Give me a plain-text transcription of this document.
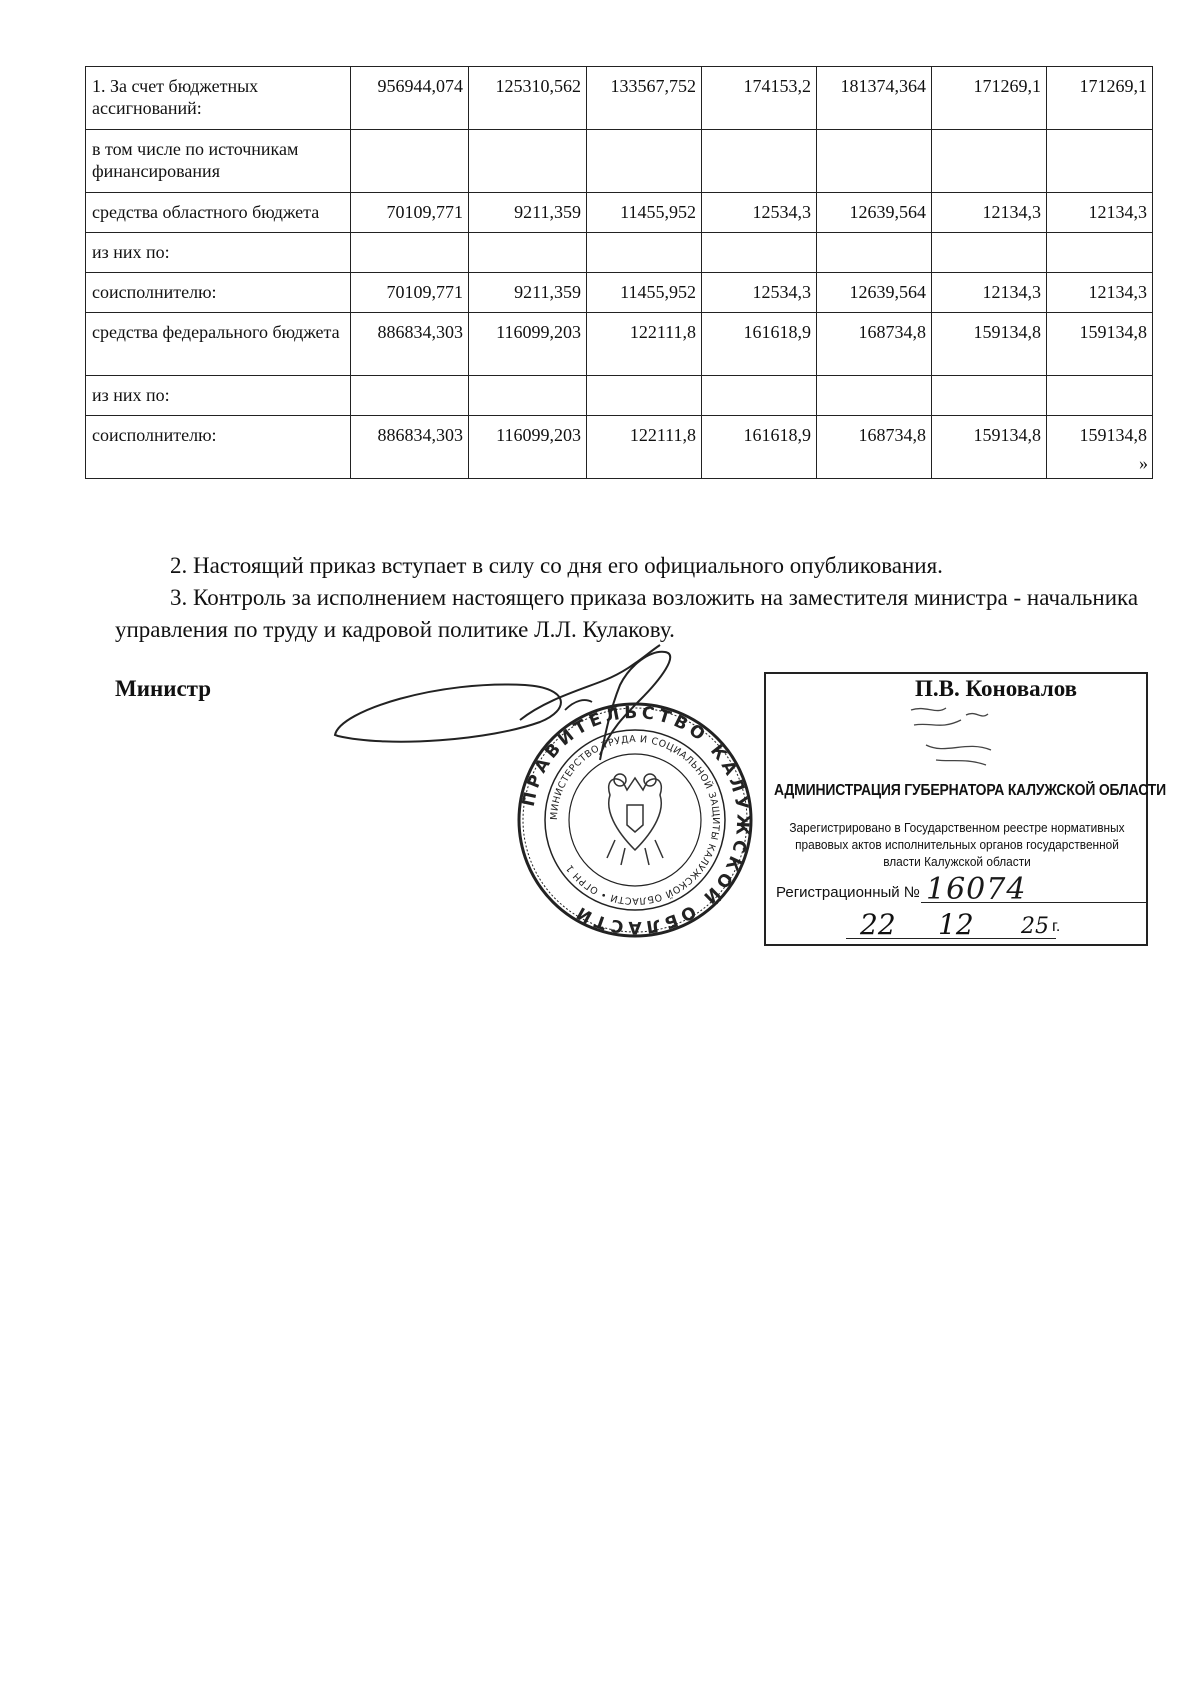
1. За счет бюджетных ассигнований:	956944,074	125310,562	133567,752	174153,2	181374,364	171269,1	171269,1
в том числе по источникам финансирования							
средства областного бюджета	70109,771	9211,359	11455,952	12534,3	12639,564	12134,3	12134,3
из них по:							
соисполнителю:	70109,771	9211,359	11455,952	12534,3	12639,564	12134,3	12134,3
средства федерального бюджета	886834,303	116099,203	122111,8	161618,9	168734,8	159134,8	159134,8
из них по:							
соисполнителю:	886834,303	116099,203	122111,8	161618,9	168734,8	159134,8	159134,8
»

2. Настоящий приказ вступает в силу со дня его официального опубликования.

3. Контроль за исполнением настоящего приказа возложить на заместителя министра - начальника управления по труду и кадровой политике Л.Л. Кулакову.

Министр	П.В. Коновалов
ПРАВИТЕЛЬСТВО КАЛУЖСКОЙ ОБЛАСТИ
МИНИСТЕРСТВО ТРУДА И СОЦИАЛЬНОЙ ЗАЩИТЫ КАЛУЖСКОЙ ОБЛАСТИ • ОГРН 1
АДМИНИСТРАЦИЯ ГУБЕРНАТОРА КАЛУЖСКОЙ ОБЛАСТИ
Зарегистрировано в Государственном реестре нормативных правовых актов исполнительных органов государственной власти Калужской области
Регистрационный № 16074
22 12 25 г.
